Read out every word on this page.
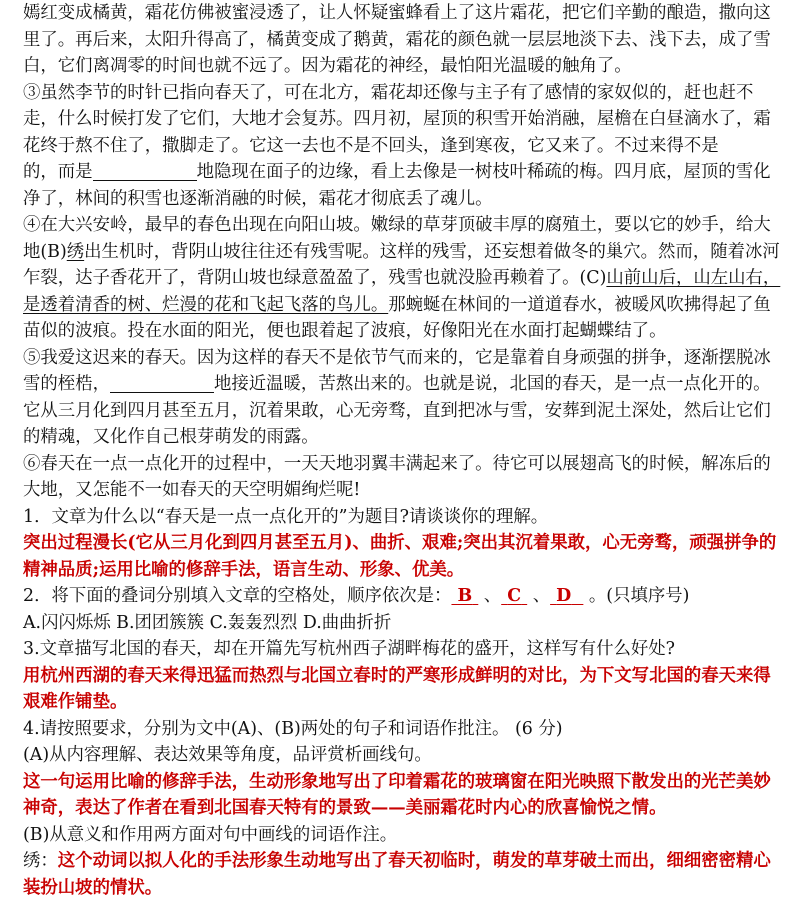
嫣红变成橘黄，霜花仿佛被蜜浸透了，让人怀疑蜜蜂看上了这片霜花，把它们辛勤的酿造，撒向这里了。再后来，太阳升得高了，橘黄变成了鹅黄，霜花的颜色就一层层地淡下去、浅下去，成了雪白，它们离凋零的时间也就不远了。因为霜花的神经，最怕阳光温暖的触角了。

③虽然李节的时针已指向春天了，可在北方，霜花却还像与主子有了感情的家奴似的，赶也赶不走，什么时候打发了它们，大地才会复苏。四月初，屋顶的积雪开始消融，屋檐在白昼滴水了，霜花终于熬不住了，撒脚走了。它这一去也不是不回头，逢到寒夜，它又来了。不过来得不是
的，而是	地隐现在面子的边缘，看上去像是一树枝叶稀疏的梅。四月底，屋顶的雪化净了，林间的积雪也逐渐消融的时候，霜花才彻底丢了魂儿。

④在大兴安岭，最早的春色出现在向阳山坡。嫩绿的草芽顶破丰厚的腐殖土，要以它的妙手，给大地(B)绣出生机时，背阴山坡往往还有残雪呢。这样的残雪，还妄想着做冬的巢穴。然而，随着冰河乍裂，达子香花开了，背阴山坡也绿意盈盈了，残雪也就没脸再赖着了。(C)山前山后，山左山右，是透着清香的树、烂漫的花和飞起飞落的鸟儿。那蜿蜒在林间的一道道春水，被暖风吹拂得起了鱼苗似的波痕。投在水面的阳光，便也跟着起了波痕，好像阳光在水面打起蝴蝶结了。

⑤我爱这迟来的春天。因为这样的春天不是依节气而来的，它是靠着自身顽强的拼争，逐渐摆脱冰雪的桎梏，	地接近温暖，苦熬出来的。也就是说，北国的春天，是一点一点化开的。它从三月化到四月甚至五月，沉着果敢，心无旁骛，直到把冰与雪，安葬到泥土深处，然后让它们的精魂，又化作自己根芽萌发的雨露。

⑥春天在一点一点化开的过程中，一天天地羽翼丰满起来了。待它可以展翅高飞的时候，解冻后的大地，又怎能不一如春天的天空明媚绚烂呢!

1．文章为什么以“春天是一点一点化开的”为题目?请谈谈你的理解。

突出过程漫长(它从三月化到四月甚至五月)、曲折、艰难;突出其沉着果敢，心无旁骛，顽强拼争的精神品质;运用比喻的修辞手法，语言生动、形象、优美。

2．将下面的叠词分别填入文章的空格处，顺序依次是： B  、 C  、 D   。(只填序号)

A.闪闪烁烁 B.团团簇簇 C.轰轰烈烈 D.曲曲折折

3.文章描写北国的春天，却在开篇先写杭州西子湖畔梅花的盛开，这样写有什么好处?

用杭州西湖的春天来得迅猛而热烈与北国立春时的严寒形成鲜明的对比，为下文写北国的春天来得艰难作铺垫。

4.请按照要求，分别为文中(A)、(B)两处的句子和词语作批注。 (6 分)

(A)从内容理解、表达效果等角度，品评赏析画线句。

这一句运用比喻的修辞手法，生动形象地写出了印着霜花的玻璃窗在阳光映照下散发出的光芒美妙神奇，表达了作者在看到北国春天特有的景致——美丽霜花时内心的欣喜愉悦之情。

(B)从意义和作用两方面对句中画线的词语作注。

绣：这个动词以拟人化的手法形象生动地写出了春天初临时，萌发的草芽破土而出，细细密密精心装扮山坡的情状。
